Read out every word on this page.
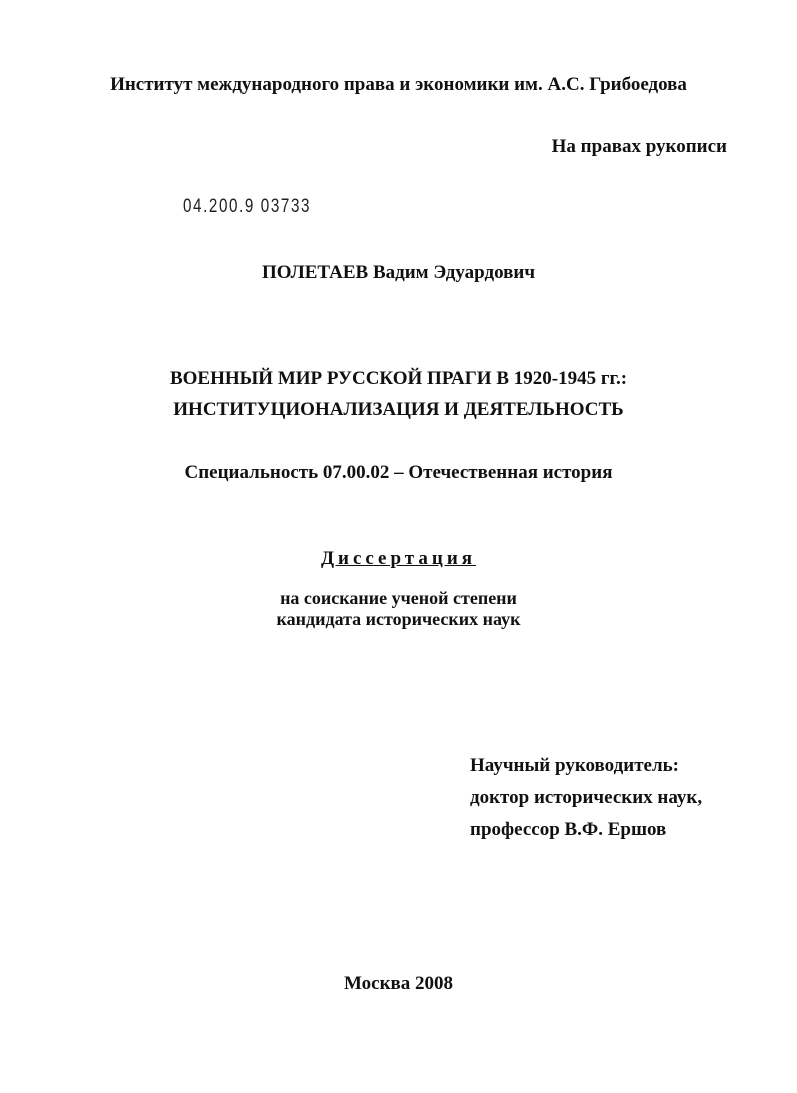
Институт международного права и экономики им. А.С. Грибоедова
На правах рукописи
04.200.9 03733
ПОЛЕТАЕВ Вадим Эдуардович
ВОЕННЫЙ МИР РУССКОЙ ПРАГИ В 1920-1945 гг.:
ИНСТИТУЦИОНАЛИЗАЦИЯ И ДЕЯТЕЛЬНОСТЬ
Специальность 07.00.02 – Отечественная история
Диссертация
на соискание ученой степени
кандидата исторических наук
Научный руководитель:
доктор исторических наук,
профессор В.Ф. Ершов
Москва 2008
